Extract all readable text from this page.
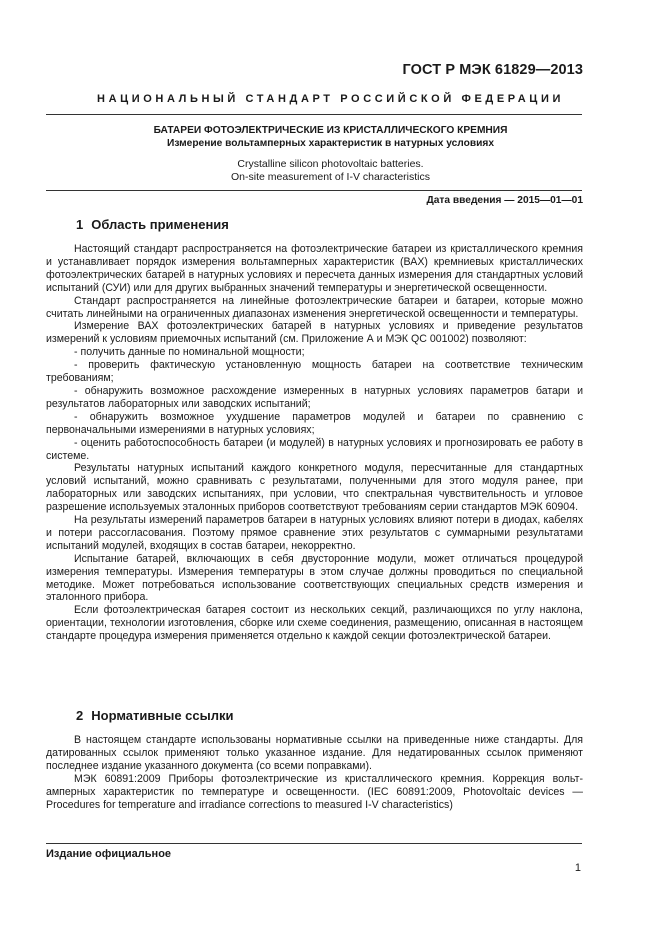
ГОСТ Р МЭК 61829—2013
НАЦИОНАЛЬНЫЙ СТАНДАРТ РОССИЙСКОЙ ФЕДЕРАЦИИ
БАТАРЕИ ФОТОЭЛЕКТРИЧЕСКИЕ ИЗ КРИСТАЛЛИЧЕСКОГО КРЕМНИЯ
Измерение вольтамперных характеристик в натурных условиях
Crystalline silicon photovoltaic batteries.
On-site measurement of I-V characteristics
Дата введения — 2015—01—01
1 Область применения

Настоящий стандарт распространяется на фотоэлектрические батареи из кристаллического кремния и устанавливает порядок измерения вольтамперных характеристик (ВАХ) кремниевых кристаллических фотоэлектрических батарей в натурных условиях и пересчета данных измерения для стандартных условий испытаний (СУИ) или для других выбранных значений температуры и энергетической освещенности.

Стандарт распространяется на линейные фотоэлектрические батареи и батареи, которые можно считать линейными на ограниченных диапазонах изменения энергетической освещенности и температуры.

Измерение ВАХ фотоэлектрических батарей в натурных условиях и приведение результатов измерений к условиям приемочных испытаний (см. Приложение А и МЭК QC 001002) позволяют:

- получить данные по номинальной мощности;

- проверить фактическую установленную мощность батареи на соответствие техническим требованиям;

- обнаружить возможное расхождение измеренных в натурных условиях параметров батари и результатов лабораторных или заводских испытаний;

- обнаружить возможное ухудшение параметров модулей и батареи по сравнению с первоначальными измерениями в натурных условиях;

- оценить работоспособность батареи (и модулей) в натурных условиях и прогнозировать ее работу в системе.

Результаты натурных испытаний каждого конкретного модуля, пересчитанные для стандартных условий испытаний, можно сравнивать с результатами, полученными для этого модуля ранее, при лабораторных или заводских испытаниях, при условии, что спектральная чувствительность и угловое разрешение используемых эталонных приборов соответствуют требованиям серии стандартов МЭК 60904.

На результаты измерений параметров батареи в натурных условиях влияют потери в диодах, кабелях и потери рассогласования. Поэтому прямое сравнение этих результатов с суммарными результатами испытаний модулей, входящих в состав батареи, некорректно.

Испытание батарей, включающих в себя двусторонние модули, может отличаться процедурой измерения температуры. Измерения температуры в этом случае должны проводиться по специальной методике. Может потребоваться использование соответствующих специальных средств измерения и эталонного прибора.

Если фотоэлектрическая батарея состоит из нескольких секций, различающихся по углу наклона, ориентации, технологии изготовления, сборке или схеме соединения, размещению, описанная в настоящем стандарте процедура измерения применяется отдельно к каждой секции фотоэлектрической батареи.

2 Нормативные ссылки

В настоящем стандарте использованы нормативные ссылки на приведенные ниже стандарты. Для датированных ссылок применяют только указанное издание. Для недатированных ссылок применяют последнее издание указанного документа (со всеми поправками).

МЭК 60891:2009 Приборы фотоэлектрические из кристаллического кремния. Коррекция вольт-амперных характеристик по температуре и освещенности. (IEC 60891:2009, Photovoltaic devices — Procedures for temperature and irradiance corrections to measured I-V characteristics)

Издание официальное
1
